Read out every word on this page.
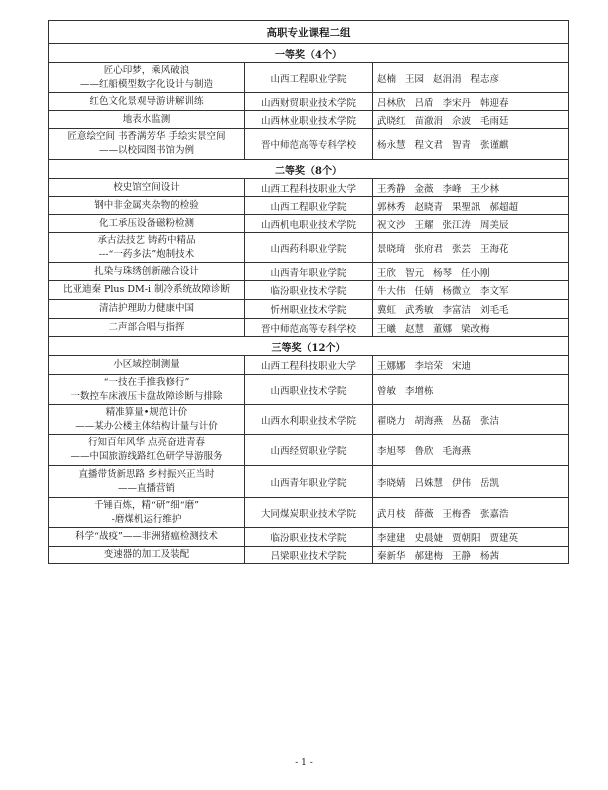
高职专业课程二组		
一等奖（4个）		

匠心印梦，乘风破浪
——红船模型数字化设计与制造	山西工程职业学院	赵楠 王园 赵涓涓 程志彦

红色文化景观导游讲解训练	山西财贸职业技术学院	吕林欣 吕盾 李宋丹 韩迎春

地表水监测	山西林业职业技术学院	武晓红 苗澈涓 佘波 毛雨廷

匠意绘空间 书香满芳华 手绘实景空间
——以校园图书馆为例	晋中师范高等专科学校	杨永慧 程文君 智青 张谨麒
二等奖（8个）		

校史馆空间设计	山西工程科技职业大学	王秀静 金薇 李峰 王少林

钢中非金属夹杂物的检验	山西工程职业学院	郭林秀 赵晓青 果聖訊 郝超超

化工承压设备磁粉检测	山西机电职业技术学院	祝文沙 王耀 张江涛 周美辰

承古法技艺 铸药中精品
---“一药多法”炮制技术	山西药科职业学院	景晓琦 张府君 张芸 王海花

扎染与珠绣创新融合设计	山西青年职业学院	王欣 智元 杨琴 任小刚

比亚迪秦 Plus DM-i 制冷系统故障诊断	临汾职业技术学院	牛大伟 任婧 杨微立 李文军

清洁护理助力健康中国	忻州职业技术学院	冀虹 武秀敏 李富洁 刘毛毛

二声部合唱与指挥	晋中师范高等专科学校	王曦 赵慧 董娜 梁改梅
三等奖（12个）		

小区域控制测量	山西工程科技职业大学	王娜娜 李培荣 宋迪

“一技在手推我修行”
一数控车床液压卡盘故障诊断与排除	山西职业技术学院	曾敏 李增栋

精准算量•规范计价
——某办公楼主体结构计量与计价	山西水利职业技术学院	翟晓力 胡海燕 丛磊 张洁

行知百年风华 点亮奋进青春
——中国旅游线路红色研学导游服务	山西经贸职业学院	李旭琴 鲁欣 毛海燕

直播带货新思路 乡村振兴正当时
——直播营销	山西青年职业学院	李晓婧 吕姝慧 伊伟 岳凯

千锤百炼，精“研”细“磨”
-磨煤机运行维护	大同煤炭职业技术学院	武月枝 薛薇 王梅香 张嘉浩

科学“战疫”——非洲猪瘟检测技术	临汾职业技术学院	李建建 史晨婕 贾朝阳 贾建英

变速器的加工及装配	吕梁职业技术学院	秦新华 郝建梅 王静 杨茜
- 1 -
